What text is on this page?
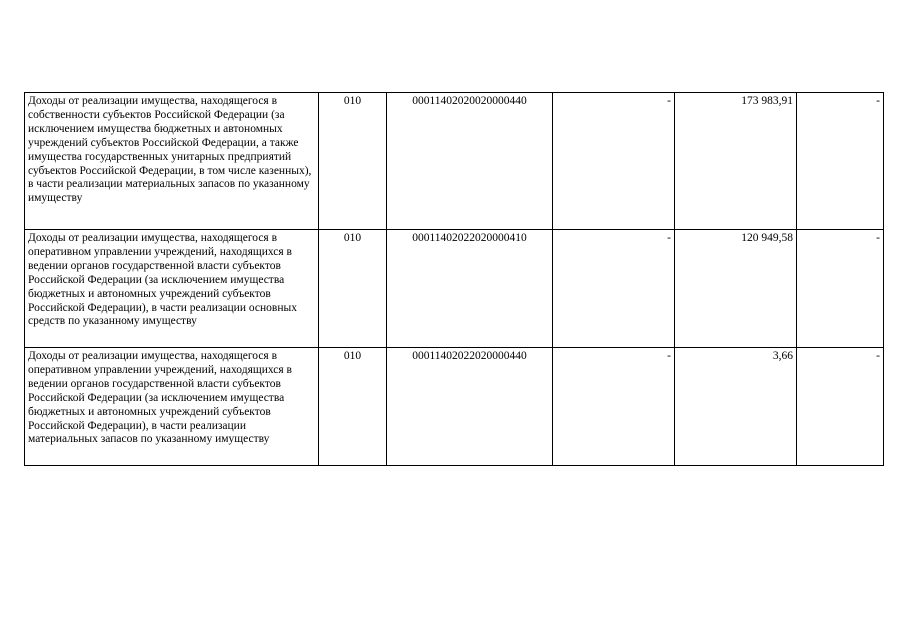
Доходы от реализации имущества, находящегося в собственности субъектов Российской Федерации (за исключением имущества бюджетных и автономных учреждений субъектов Российской Федерации, а также имущества государственных унитарных предприятий субъектов Российской Федерации, в том числе казенных), в части реализации материальных запасов по указанному имуществу	010	00011402020020000440	-	173 983,91	-

Доходы от реализации имущества, находящегося в оперативном управлении учреждений, находящихся в ведении органов государственной власти субъектов Российской Федерации (за исключением имущества бюджетных и автономных учреждений субъектов Российской Федерации), в части реализации основных средств по указанному имуществу	010	00011402022020000410	-	120 949,58	-

Доходы от реализации имущества, находящегося в оперативном управлении учреждений, находящихся в ведении органов государственной власти субъектов Российской Федерации (за исключением имущества бюджетных и автономных учреждений субъектов Российской Федерации), в части реализации материальных запасов по указанному имуществу	010	00011402022020000440	-	3,66	-
